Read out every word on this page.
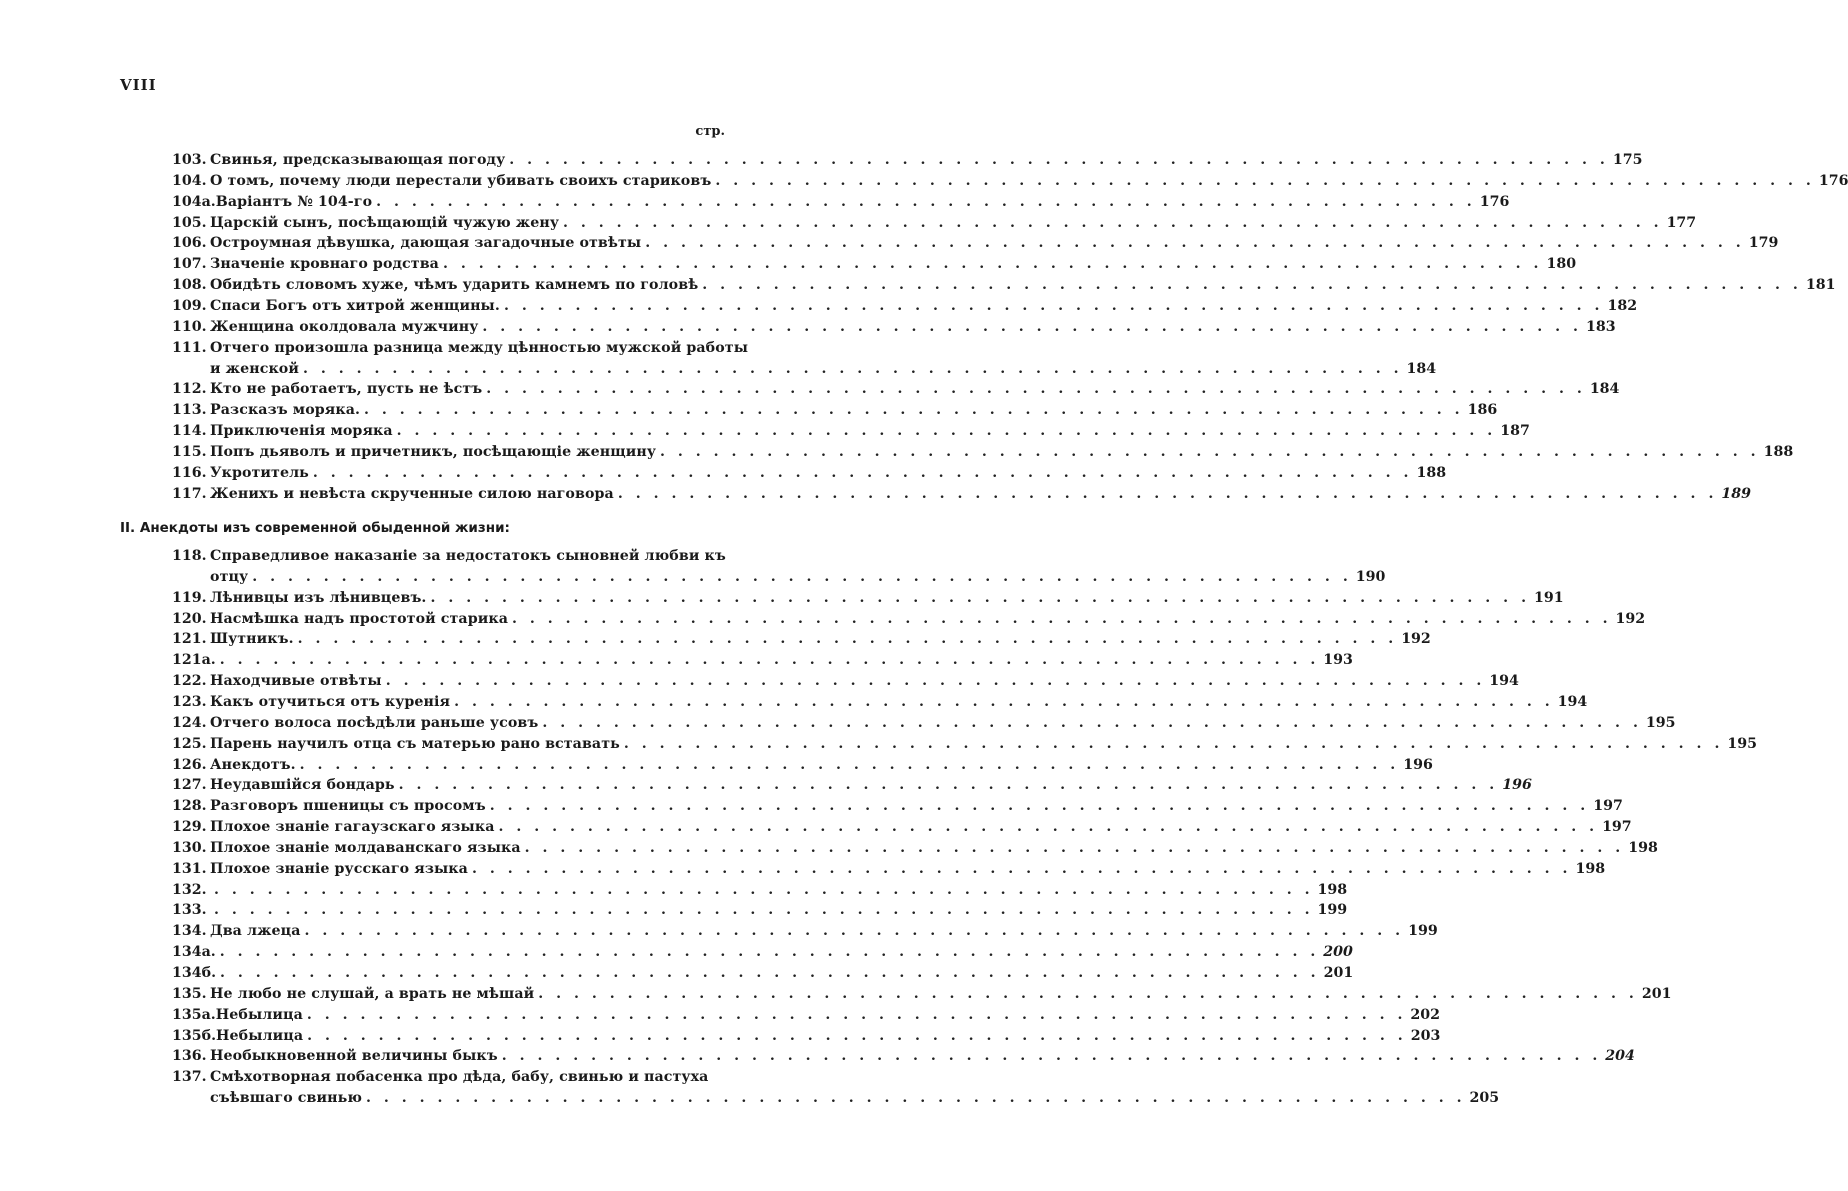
VIII
стр.
II. Анекдоты изъ современной обыденной жизни:
103. Свинья, предсказывающая погоду . . .	175
104. О томъ, почему люди перестали убивать своихъ стариковъ . . .	176
104а. Варіантъ № 104-го . . .	176
105. Царскій сынъ, посѣщающій чужую жену . . .	177
106. Остроумная дѣвушка, дающая загадочные отвѣты . . .	179
107. Значеніе кровнаго родства . . .	180
108. Обидѣть словомъ хуже, чѣмъ ударить камнемъ по головѣ . . .	181
109. Спаси Богъ отъ хитрой женщины. . . .	182
110. Женщина околдовала мужчину . . .	183
111. Отчего произошла разница между цѣнностью мужской работы
и женской . . .	184
112. Кто не работаетъ, пусть не ѣстъ . . .	184
113. Разсказъ моряка. . . .	186
114. Приключенія моряка . . .	187
115. Попъ дьяволъ и причетникъ, посѣщающіе женщину . . .	188
116. Укротитель . . .	188
117. Женихъ и невѣста скрученные силою наговора . . .	189
118. Справедливое наказаніе за недостатокъ сыновней любви къ
отцу . . .	190
119. Лѣнивцы изъ лѣнивцевъ. . . .	191
120. Насмѣшка надъ простотой старика . . .	192
121. Шутникъ. . . .	192
121а. . . .	193
122. Находчивые отвѣты . . .	194
123. Какъ отучиться отъ куренія . . .	194
124. Отчего волоса посѣдѣли раньше усовъ . . .	195
125. Парень научилъ отца съ матерью рано вставать . . .	195
126. Анекдотъ. . . .	196
127. Неудавшійся бондарь . . .	196
128. Разговоръ пшеницы съ просомъ . . .	197
129. Плохое знаніе гагаузскаго языка . . .	197
130. Плохое знаніе молдаванскаго языка . . .	198
131. Плохое знаніе русскаго языка . . .	198
132. . . .	198
133. . . .	199
134. Два лжеца . . .	199
134а. . . .	200
134б. . . .	201
135. Не любо не слушай, а врать не мѣшай . . .	201
135а. Небылица . . .	202
135б. Небылица . . .	203
136. Необыкновенной величины быкъ . . .	204
137. Смѣхотворная побасенка про дѣда, бабу, свинью и пастуха
съѣвшаго свинью . . .	205
